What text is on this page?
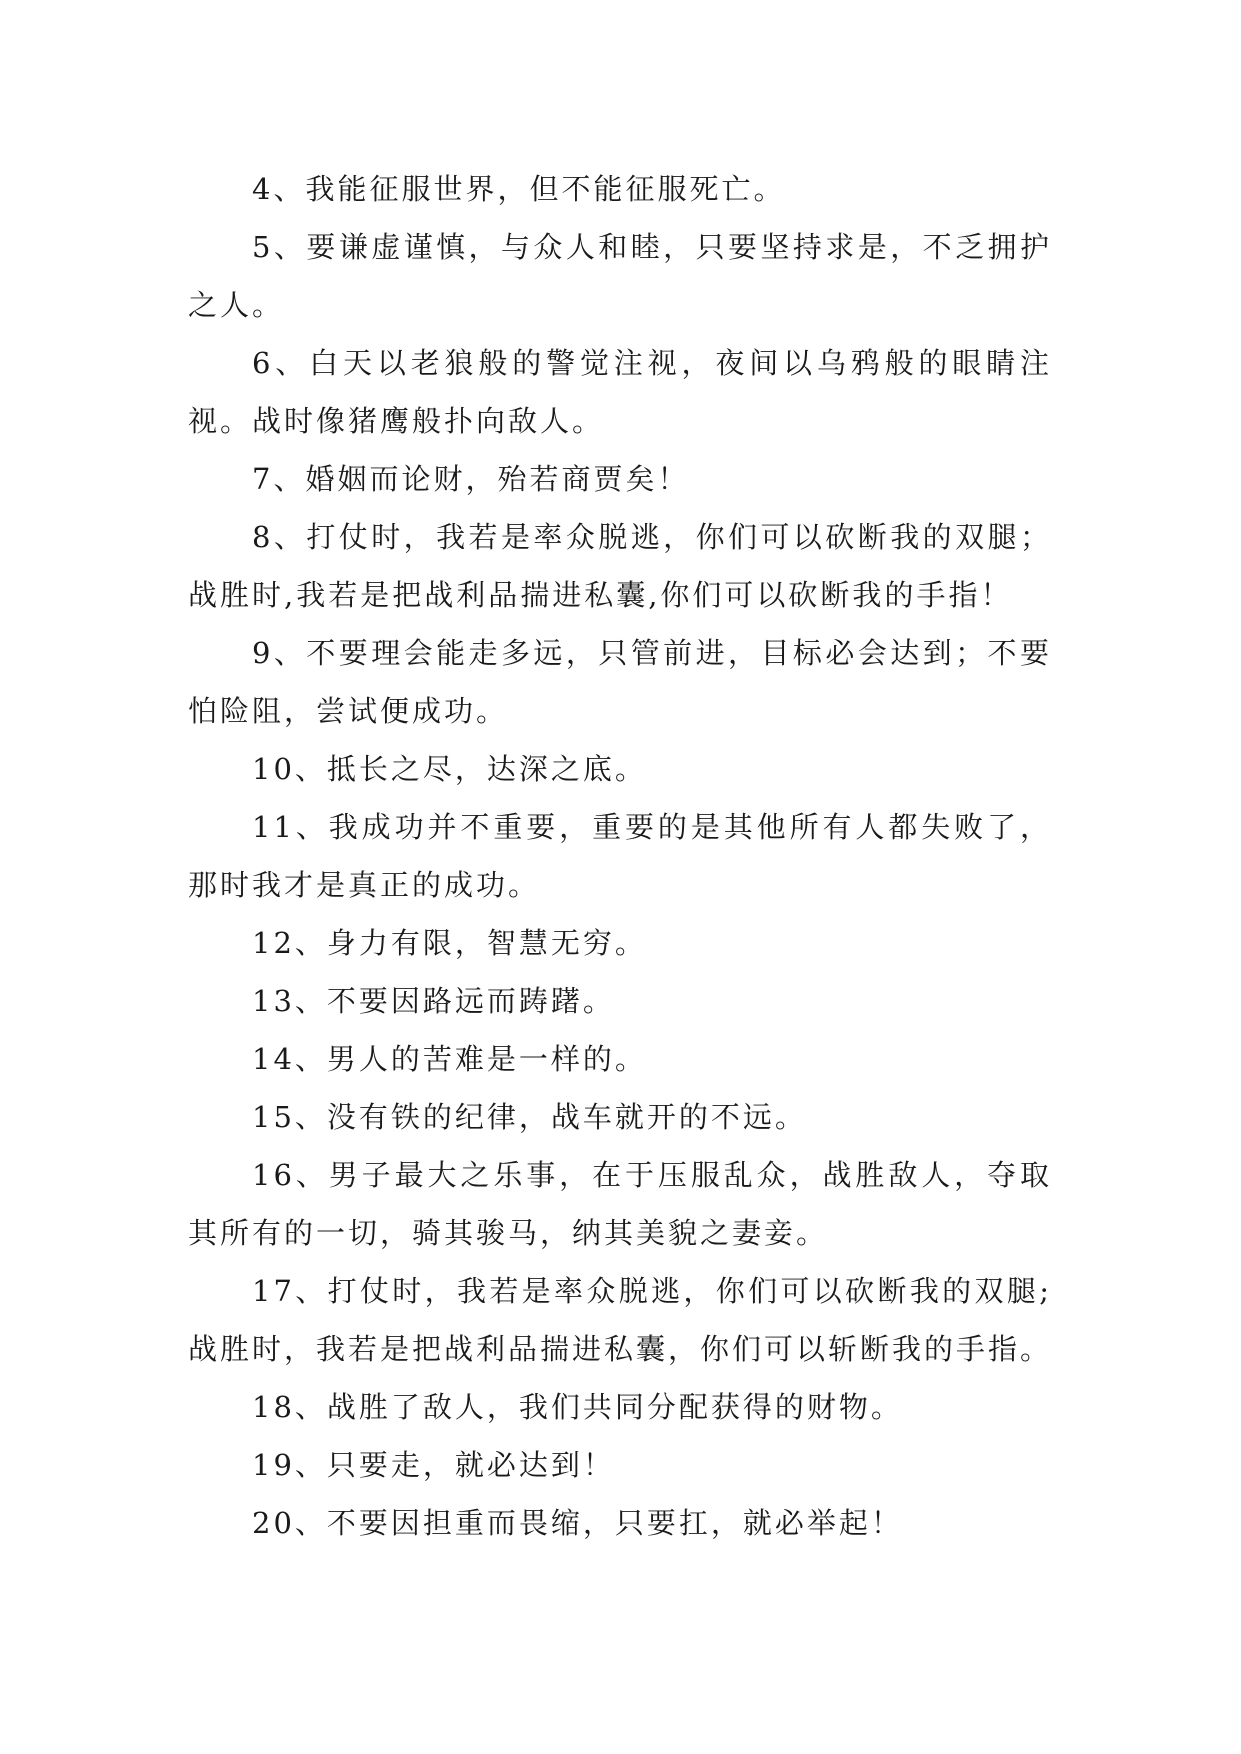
4、我能征服世界，但不能征服死亡。

5、要谦虚谨慎，与众人和睦，只要坚持求是，不乏拥护之人。

6、白天以老狼般的警觉注视，夜间以乌鸦般的眼睛注视。战时像猪鹰般扑向敌人。

7、婚姻而论财，殆若商贾矣！

8、打仗时，我若是率众脱逃，你们可以砍断我的双腿；战胜时,我若是把战利品揣进私囊,你们可以砍断我的手指！

9、不要理会能走多远，只管前进，目标必会达到；不要怕险阻，尝试便成功。

10、抵长之尽，达深之底。

11、我成功并不重要，重要的是其他所有人都失败了，那时我才是真正的成功。

12、身力有限，智慧无穷。

13、不要因路远而踌躇。

14、男人的苦难是一样的。

15、没有铁的纪律，战车就开的不远。

16、男子最大之乐事，在于压服乱众，战胜敌人，夺取其所有的一切，骑其骏马，纳其美貌之妻妾。

17、打仗时，我若是率众脱逃，你们可以砍断我的双腿;战胜时，我若是把战利品揣进私囊，你们可以斩断我的手指。

18、战胜了敌人，我们共同分配获得的财物。

19、只要走，就必达到！

20、不要因担重而畏缩，只要扛，就必举起！
